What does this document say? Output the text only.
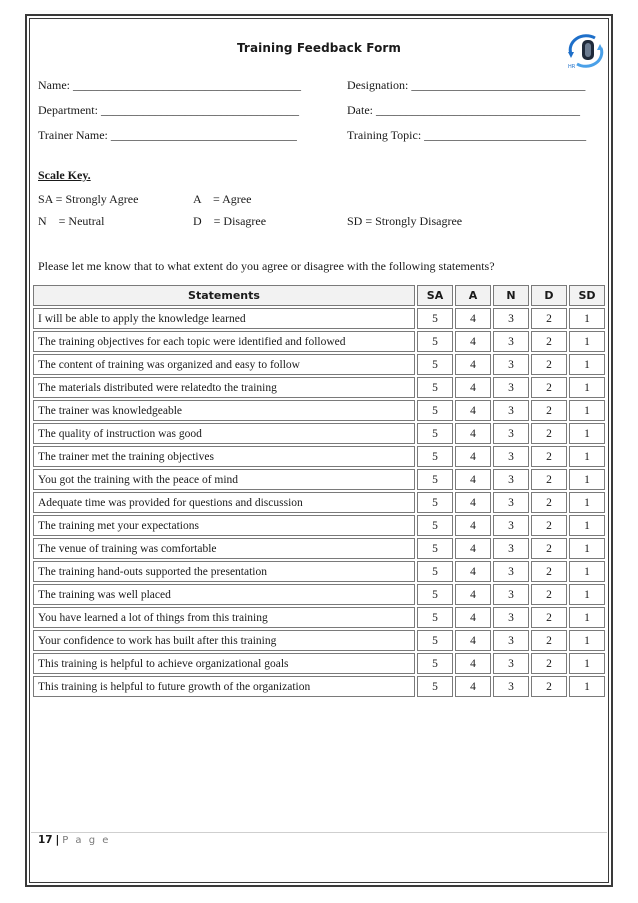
Training Feedback Form
HR
Name: ______________________________________	Designation: _____________________________
Department: _________________________________	Date: __________________________________
Trainer Name: _______________________________	Training Topic: ___________________________
Scale Key.
SA = Strongly Agree	A    = Agree
N    = Neutral	D    = Disagree	SD = Strongly Disagree
Please let me know that to what extent do you agree or disagree with the following statements?
Statements	SA	A	N	D	SD
I will be able to apply the knowledge learned	5	4	3	2	1
The training objectives for each topic were identified and followed	5	4	3	2	1
The content of training was organized and easy to follow	5	4	3	2	1
The materials distributed were relatedto the training	5	4	3	2	1
The trainer was knowledgeable	5	4	3	2	1
The quality of instruction was good	5	4	3	2	1
The trainer met the training objectives	5	4	3	2	1
You got the training with the peace of mind	5	4	3	2	1
Adequate time was provided for questions and discussion	5	4	3	2	1
The training met your expectations	5	4	3	2	1
The venue of training was comfortable	5	4	3	2	1
The training hand-outs supported the presentation	5	4	3	2	1
The training was well placed	5	4	3	2	1
You have learned a lot of things from this training	5	4	3	2	1
Your confidence to work has built after this training	5	4	3	2	1
This training is helpful to achieve organizational goals	5	4	3	2	1
This training is helpful to future growth of the organization	5	4	3	2	1
17 | P a g e
